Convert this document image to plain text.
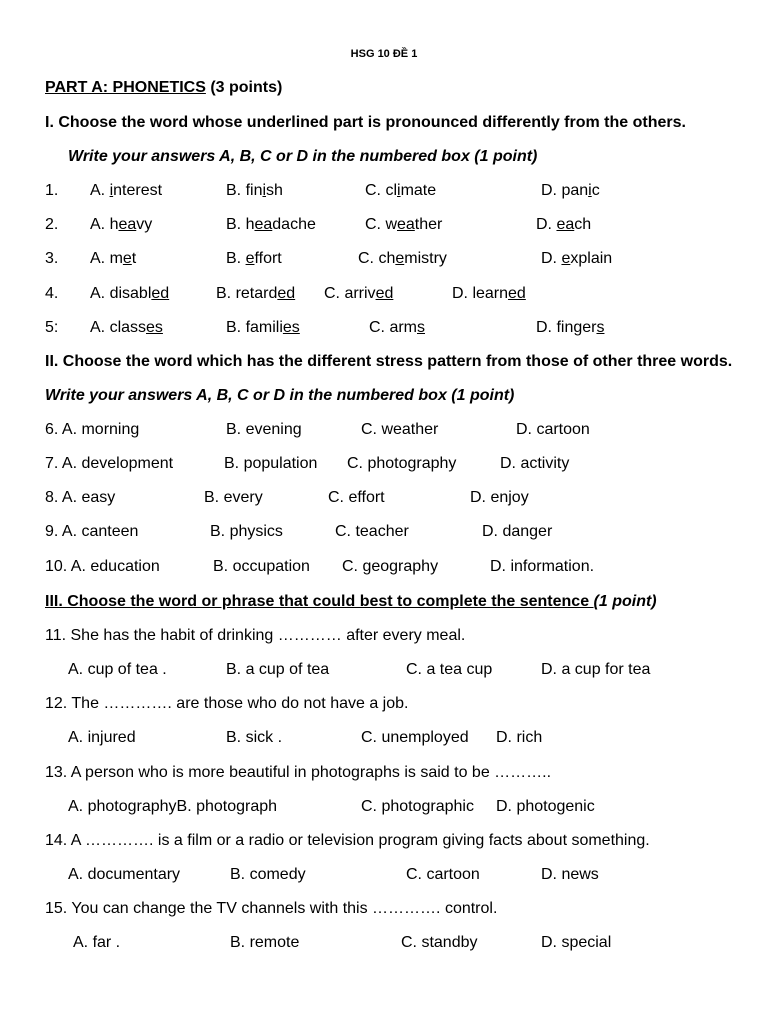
HSG 10 ĐỀ 1
PART A: PHONETICS (3 points)
I. Choose the word whose underlined part is pronounced differently from the others.
Write your answers A, B, C or D in the numbered box (1 point)
1. A. interest	B. finish	C. climate	D. panic
2. A. heavy	B. headache	C. weather	D. each
3. A. met	B. effort	C. chemistry	D. explain
4. A. disabled	B. retarded C. arrived	D. learned
5: A. classes	B. families	C. arms	D. fingers
II. Choose the word which has the different stress pattern from those of other three words.
Write your answers A, B, C or D in the numbered box (1 point)
6. A. morning	B. evening	C. weather	D. cartoon
7. A. development	B. population C. photography	D. activity
8. A. easy	B. every	C. effort	D. enjoy
9. A. canteen	B. physics	C. teacher	D. danger
10. A. education	B. occupation C. geography	D. information.
III. Choose the word or phrase that could best to complete the sentence (1 point)
11. She has the habit of drinking ………… after every meal.
A. cup of tea .	B. a cup of tea	C. a tea cup	D. a cup for tea
12. The …………. are those who do not have a job.
A. injured	B. sick .	C. unemployed D. rich
13. A person who is more beautiful in photographs is said to be ………..
A. photographyB. photograph	C. photographic D. photogenic
14. A …………. is a film or a radio or television program giving facts about something.
A. documentary	B. comedy	C. cartoon	D. news
15. You can change the TV channels with this …………. control.
A. far .	B. remote	C. standby	D. special
